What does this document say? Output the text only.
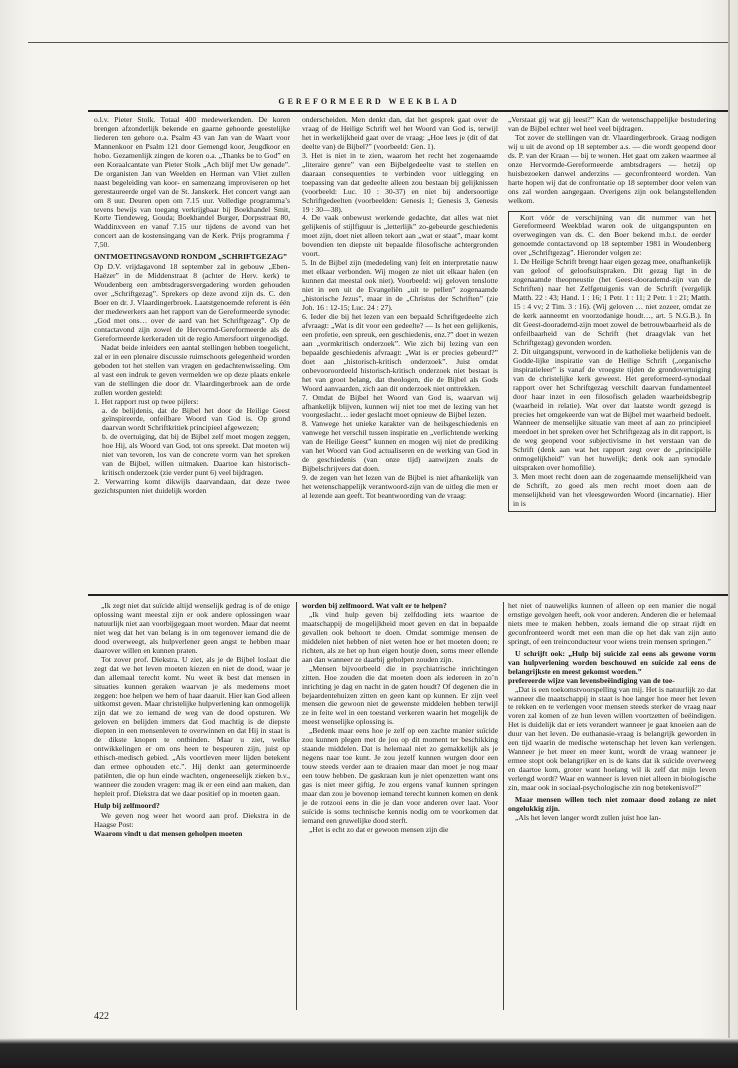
GEREFORMEERD WEEKBLAD

o.l.v. Pieter Stolk. Totaal 400 medewerkenden. De koren brengen afzonderlijk bekende en gaarne gehoorde geestelijke liederen ten gehore o.a. Psalm 43 van Jan van de Waart voor Mannenkoor en Psalm 121 door Gemengd koor, Jeugdkoor en hobo. Gezamenlijk zingen de koren o.a. „Thanks be to God” en een Koraalcantate van Pieter Stolk „Ach blijf met Uw genade”. De organisten Jan van Weelden en Herman van Vliet zullen naast begeleiding van koor- en samenzang improviseren op het gerestaureerde orgel van de St. Janskerk. Het concert vangt aan om 8 uur. Deuren open om 7.15 uur. Volledige programma’s tevens bewijs van toegang verkrijgbaar bij Boekhandel Smit, Korte Tiendeweg, Gouda; Boekhandel Burger, Dorpsstraat 80, Waddinxveen en vanaf 7.15 uur tijdens de avond van het concert aan de kostensingang van de Kerk. Prijs programma ƒ 7,50.

ONTMOETINGSAVOND RONDOM „SCHRIFTGEZAG”

Op D.V. vrijdagavond 18 september zal in gebouw „Eben-Haëzer” in de Middenstraat 8 (achter de Herv. kerk) te Woudenberg een ambtsdragersvergadering worden gehouden over „Schriftgezag”. Sprekers op deze avond zijn ds. C. den Boer en dr. J. Vlaardingerbroek. Laatstgenoemde referent is één der medewerkers aan het rapport van de Gereformeerde synode: „God met ons… over de aard van het Schriftgezag”. Op de contactavond zijn zowel de Hervormd-Gereformeerde als de Gereformeerde kerkeraden uit de regio Amersfoort uitgenodigd.

Nadat beide inleiders een aantal stellingen hebben toegelicht, zal er in een plenaire discussie ruimschoots gelegenheid worden geboden tot het stellen van vragen en gedachtenwisseling. Om al vast een indruk te geven vermelden we op deze plaats enkele van de stellingen die door dr. Vlaardingerbroek aan de orde zullen worden gesteld:

1. Het rapport rust op twee pijlers:

a. de belijdenis, dat de Bijbel het door de Heilige Geest geïnspireerde, onfeilbare Woord van God is. Op grond daarvan wordt Schriftkritiek principieel afgewezen;

b. de overtuiging, dat bij de Bijbel zelf moet mogen zeggen, hoe Hij, als Woord van God, tot ons spreekt. Dat moeten wij niet van tevoren, los van de concrete vorm van het spreken van de Bijbel, willen uitmaken. Daartoe kan historisch-kritisch onderzoek (zie verder punt 6) veel bijdragen.

2. Verwarring komt dikwijls daarvandaan, dat deze twee gezichtspunten niet duidelijk worden

onderscheiden. Men denkt dan, dat het gesprek gaat over de vraag of de Heilige Schrift wel het Woord van God is, terwijl het in werkelijkheid gaat over de vraag: „Hoe lees je (dit of dat deelte van) de Bijbel?” (voorbeeld: Gen. 1).

3. Het is niet in te zien, waarom het recht het zogenaamde „literaire genre” van een Bijbelgedeelte vast te stellen en daaraan consequenties te verbinden voor uitlegging en toepassing van dat gedeelte alleen zou bestaan bij gelijknissen (voorbeeld: Luc. 10 : 30-37) en niet bij andersoortige Schriftgedeelten (voorbeelden: Genesis 1; Genesis 3, Genesis 19 : 30—38).

4. De vaak onbewust werkende gedachte, dat alles wat niet gelijkenis of stijlfiguur is „letterlijk” zo-gebeurde geschiedenis moet zijn, doet niet alleen tekort aan „wat er staat”, maar komt bovendien ten diepste uit bepaalde filosofische achtergronden voort.

5. In de Bijbel zijn (mededeling van) feit en interpretatie nauw met elkaar verbonden. Wij mogen ze niet uit elkaar halen (en kunnen dat meestal ook niet). Voorbeeld: wij geloven tenslotte niet in een uit de Evangeliën „uit te pellen” zogenaamde „historische Jezus”, maar in de „Christus der Schriften” (zie Joh. 16 : 12-15; Luc. 24 : 27).

6. Ieder die bij het lezen van een bepaald Schriftgedeelte zich afvraagt: „Wat is dit voor een gedeelte? — Is het een gelijkenis, een profetie, een spreuk, een geschiedenis, enz.?” doet in wezen aan „vormkritisch onderzoek”. Wie zich bij lezing van een bepaalde geschiedenis afvraagt: „Wat is er precies gebeurd?” doet aan „historisch-kritisch onderzoek”. Juist omdat onbevooroordeeld historisch-kritisch onderzoek niet bestaat is het van groot belang, dat theologen, die de Bijbel als Gods Woord aanvaarden, zich aan dit onderzoek niet onttrekken.

7. Omdat de Bijbel het Woord van God is, waarvan wij afhankelijk blijven, kunnen wij niet toe met de lezing van het voorgeslacht… ieder geslacht moet opnieuw de Bijbel lezen.

8. Vanwege het unieke karakter van de heilsgeschiedenis en vanwege het verschil tussen inspiratie en „verlichtende werking van de Heilige Geest” kunnen en mogen wij niet de prediking van het Woord van God actualiseren en de werking van God in de geschiedenis (van onze tijd) aanwijzen zoals de Bijbelschrijvers dat doen.

9. de zegen van het lezen van de Bijbel is niet afhankelijk van het wetenschappelijk verantwoord-zijn van de uitleg die men er al lezende aan geeft. Tot beantwoording van de vraag:

„Verstaat gij wat gij leest?” Kan de wetenschappelijke bestudering van de Bijbel echter wel heel veel bijdragen.

Tot zover de stellingen van dr. Vlaardingerbroek. Graag nodigen wij u uit de avond op 18 september a.s. — die wordt geopend door ds. P. van der Kraan — bij te wonen. Het gaat om zaken waarmee al onze Hervormde-Gereformeerde ambtsdragers — hetzij op huisbezoeken danwel anderzins — geconfronteerd worden. Van harte hopen wij dat de confrontatie op 18 september door velen van ons zal worden aangegaan. Overigens zijn ook belangstellenden welkom.

Kort vóór de verschijning van dit nummer van het Gereformeerd Weekblad waren ook de uitgangspunten en overwegingen van ds. C. den Boer bekend m.b.t. de eerder genoemde contactavond op 18 september 1981 in Woudenberg over „Schriftgezag”. Hieronder volgen ze:

1. De Heilige Schrift brengt haar eigen gezag mee, onafhankelijk van geloof of geloofsuitspraken. Dit gezag ligt in de zogenaamde theopneustie (het Geest-doorademd-zijn van de Schriften) naar het Zelfgetuigenis van de Schrift (vergelijk Matth. 22 : 43; Hand. 1 : 16; 1 Petr. 1 : 11; 2 Petr. 1 : 21; Matth. 15 : 4 vv; 2 Tim. 3 : 16). (Wij geloven … niet zozeer, omdat ze de kerk aanneemt en voorzodanige houdt…, art. 5 N.G.B.). In dit Geest-doorademd-zijn moet zowel de betrouwbaarheid als de onfeilbaarheid van de Schrift (het draagvlak van het Schriftgezag) gevonden worden.

2. Dit uitgangspunt, verwoord in de katholieke belijdenis van de Godde-lijke inspiratie van de Heilige Schrift („organische inspiratieleer” is vanaf de vroegste tijden de grondovertuiging van de christelijke kerk geweest. Het gereformeerd-synodaal rapport over het Schriftgezag verschilt daarvan fundamenteel door haar inzet in een filosofisch geladen waarheidsbegrip (waarheid in relatie). Wat over dat laatste wordt gezegd is precies het omgekeerde van wat de Bijbel met waarheid bedoelt. Wanneer de menselijke situatie van meet af aan zo principieel meedoet in het spreken over het Schriftgezag als in dit rapport, is de weg geopend voor subjectivisme in het verstaan van de Schrift (denk aan wat het rapport zegt over de „principiële onmogelijkheid” van het huwelijk; denk ook aan synodale uitspraken over homofilie).

3. Men moet recht doen aan de zogenaamde menselijkheid van de Schrift, zo goed als men recht moet doen aan de menselijkheid van het vleesgeworden Woord (incarnatie). Hier in is

„Ik zegt niet dat suïcide altijd wenselijk gedrag is of de enige oplossing want meestal zijn er ook andere oplossingen waar natuurlijk niet aan voorbijgegaan moet worden. Maar dat neemt niet weg dat het van belang is in om tegenover iemand die de dood overweegt, als hulpverlener geen angst te hebben maar daarover willen en kunnen praten.

Tot zover prof. Diekstra. U ziet, als je de Bijbel loslaat die zegt dat we het leven moeten kiezen en niet de dood, waar je dan allemaal terecht komt. Nu weet ik best dat mensen in situaties kunnen geraken waarvan je als medemens moet zeggen: hoe helpen we hem of haar daaruit. Hier kan God alleen uitkomst geven. Maar christelijke hulpverlening kan onmogelijk zijn dat we zo iemand de weg van de dood opsturen. We geloven en belijden immers dat God machtig is de diepste diepten in een mensenleven te overwinnen en dat Hij in staat is de dikste knopen te ontbinden. Maar u ziet, welke ontwikkelingen er om ons heen te bespeuren zijn, juist op ethisch-medisch gebied. „Als voortleven meer lijden betekent dan ermee ophouden etc.”. Hij denkt aan geterminoerde patiënten, die op hun einde wachten, ongeneeselijk zieken b.v., wanneer die zouden vragen: mag ik er een eind aan maken, dan hepleit prof. Diekstra dat we daar positief op in moeten gaan.

Hulp bij zelfmoord?

We geven nog weer het woord aan prof. Diekstra in de Haagse Post:

Waarom vindt u dat mensen geholpen moeten

worden bij zelfmoord. Wat valt er te helpen?

„Ik vind hulp geven bij zelfdoding iets waartoe de maatschappij de mogelijkheid moet geven en dat in bepaalde gevallen ook behoort te doen. Omdat sommige mensen de middelen niet hebben of niet weten hoe er het moeten doen; re richten, als ze het op hun eigen houtje doen, soms meer ellende aan dan wanneer ze daarbij geholpen zouden zijn.

„Mensen bijvoorbeeld die in psychiatrische inrichtingen zitten. Hoe zouden die dat moeten doen als iedereen in zo’n inrichting je dag en nacht in de gaten houdt? Of degenen die in bejaardentehuizen zitten en geen kant op kunnen. Er zijn veel mensen die gewoon niet de gewenste middelen hebben terwijl ze in feite wel in een toestand verkeren waarin het mogelijk de meest wenselijke oplossing is.

„Bedenk maar eens hoe je zelf op een zachte manier suïcide zou kunnen plegen met de jou op dit moment ter beschikking staande middelen. Dat is helemaal niet zo gemakkelijk als je negens naar toe kunt. Je zou jezelf kunnen wurgen door een touw steeds verder aan te draaien maar dan moet je nog maar een touw hebben. De gaskraan kun je niet openzetten want ons gas is niet meer giftig. Je zou ergens vanaf kunnen springen maar dan zou je bovenop iemand terecht kunnen komen en denk je de rotzooi eens in die je dan voor anderen over laat. Voor suïcide is soms technische kennis nodig om te voorkomen dat iemand een gruwelijke dood sterft.

„Het is echt zo dat er gewoon mensen zijn die

het niet of nauwelijks kunnen of alleen op een manier die nogal ernstige gevolgen heeft, ook voor anderen. Anderen die er helemaal niets mee te maken hebben, zoals iemand die op straat rijdt en geconfronteerd wordt met een man die op het dak van zijn auto springt, of een treinconducteur voor wiens trein mensen springen.”

U schrijft ook: „Hulp bij suïcide zal eens als gewone vorm van hulpverlening worden beschouwd en suïcide zal eens de belangrijkste en meest gekomst worden.”

prefereerde wijze van levensbeëindiging van de toe-

„Dat is een toekomstvoorspelling van mij. Het is natuurlijk zo dat wanneer die maatschappij in staat is hoe langer hoe meer het leven te rekken en te verlengen voor mensen steeds sterker de vraag naar voren zal komen of ze hun leven willen voortzetten of beëindigen. Het is duidelijk dat er iets verandert wanneer je gaat knoeien aan de duur van het leven. De euthanasie-vraag is belangrijk geworden in een tijd waarin de medische wetenschap het leven kan verlengen. Wanneer je het meer en meer kunt, wordt de vraag wanneer je ermee stopt ook belangrijker en is de kans dat ik suïcide overweeg en daartoe kom, groter want hoelang wil ik zelf dat mijn leven verlengd wordt? Waar en wanneer is leven niet alleen in biologische zin, maar ook in sociaal-psychologische zin nog betekenisvol?”

Maar mensen willen toch niet zomaar dood zolang ze niet ongelukkig zijn.

„Als het leven langer wordt zullen juist hoe lan-

422
